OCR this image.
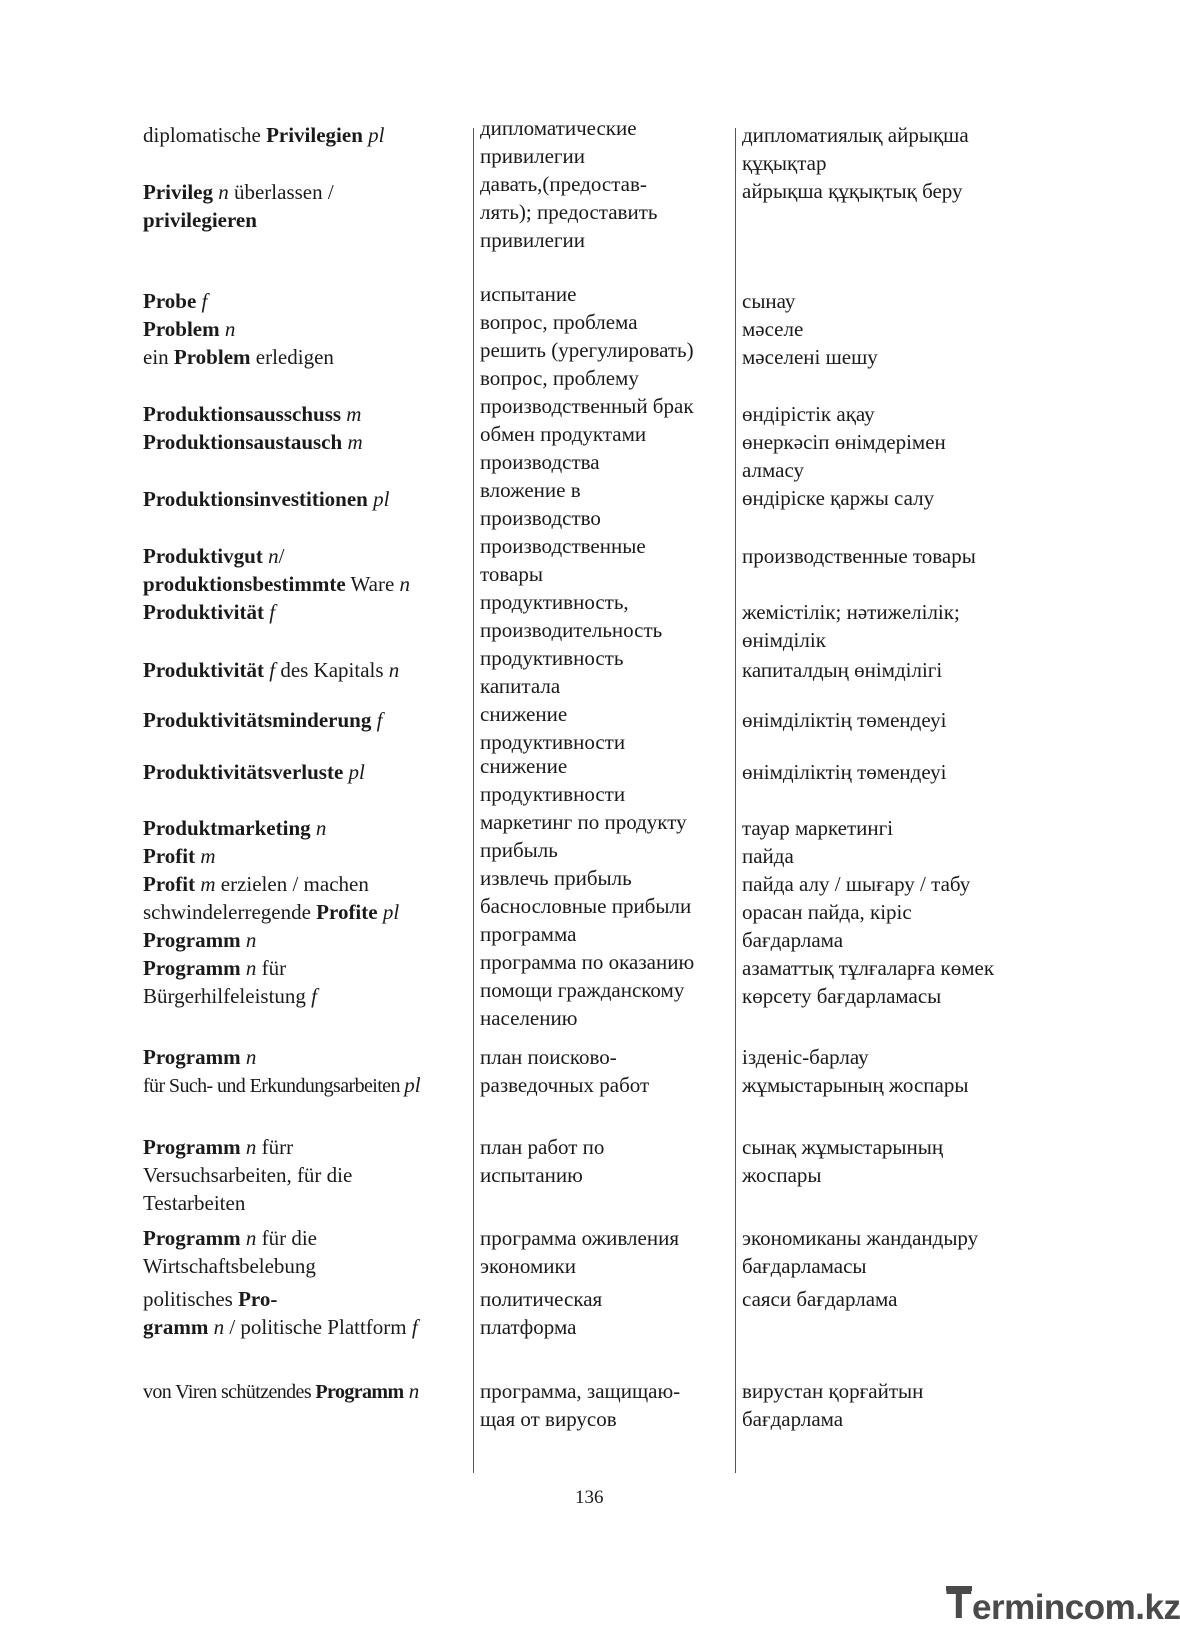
diplomatische Privilegien pl
Privileg n überlassen /
privilegieren
Probe f
Problem n
ein Problem erledigen
Produktionsausschuss m
Produktionsaustausch m
Produktionsinvestitionen pl
Produktivgut n/
produktionsbestimmte Ware n
Produktivität f
Produktivität f des Kapitals n
Produktivitätsminderung f
Produktivitätsverluste pl
Produktmarketing n
Profit m
Profit m erzielen / machen
schwindelerregende Profite pl
Programm n
Programm n für
Bürgerhilfeleistung f
Programm n
für Such- und Erkundungsarbeiten pl
Programm n fürr
Versuchsarbeiten, für die
Testarbeiten
Programm n für die
Wirtschaftsbelebung
politisches Pro-
gramm n / politische Plattform f
von Viren schützendes Programm n
дипломатические
привилегии
давать,(предостав-
лять); предоставить
привилегии
испытание
вопрос, проблема
решить (урегулировать)
вопрос, проблему
производственный брак
обмен продуктами
производства
вложение в
производство
производственные
товары
продуктивность,
производительность
продуктивность
капитала
снижение
продуктивности
снижение
продуктивности
маркетинг по продукту
прибыль
извлечь прибыль
баснословные прибыли
программа
программа по оказанию
помощи гражданскому
населению
план поисково-
разведочных работ
план работ по
испытанию
программа оживления
экономики
политическая
платформа
программа, защищаю-
щая от вирусов
дипломатиялық айрықша
құқықтар
айрықша құқықтық беру
сынау
мәселе
мәселені шешу
өндірістік ақау
өнеркәсіп өнімдерімен
алмасу
өндіріске қаржы салу
производственные товары
жемістілік; нәтижелілік;
өнімділік
капиталдың өнімділігі
өнімділіктің төмендеуі
өнімділіктің төмендеуі
тауар маркетингі
пайда
пайда алу / шығару / табу
орасан пайда, кіріс
бағдарлама
азаматтық тұлғаларға көмек
көрсету бағдарламасы
ізденіс-барлау
жұмыстарының жоспары
сынақ жұмыстарының
жоспары
экономиканы жандандыру
бағдарламасы
саяси бағдарлама
вирустан қорғайтын
бағдарлама
136
T ermincom.kz
